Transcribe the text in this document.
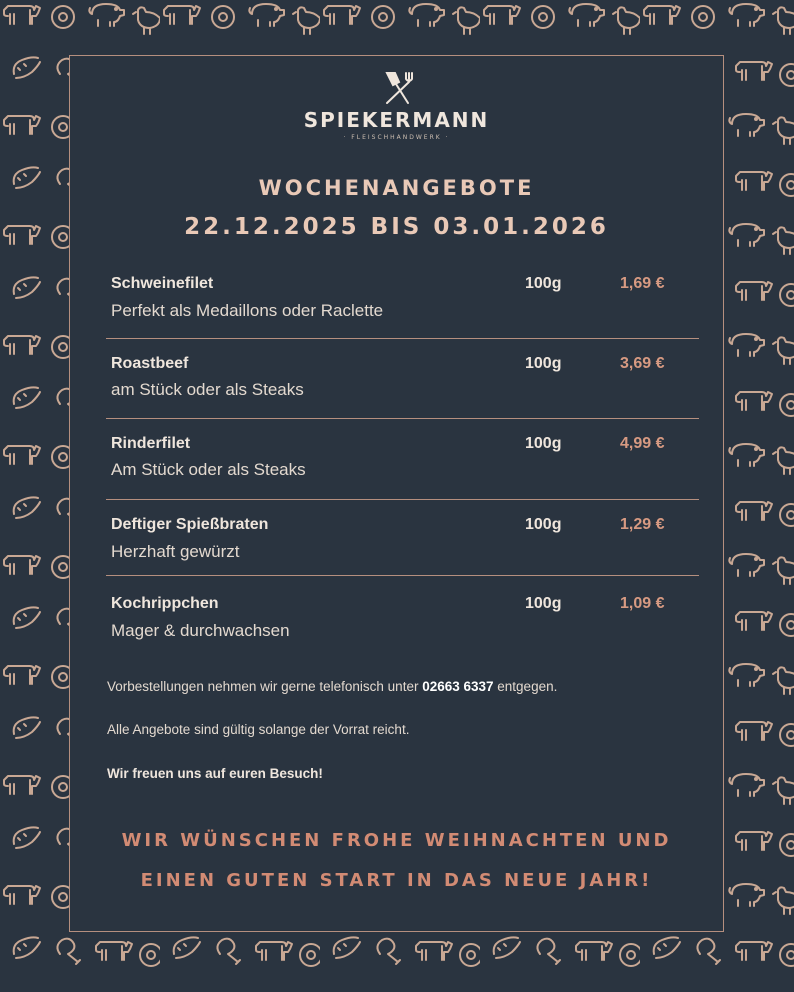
SPIEKERMANN
· FLEISCHHANDWERK ·
WOCHENANGEBOTE
22.12.2025 BIS 03.01.2026
Schweinefilet	100g	1,69 €
Perfekt als Medaillons oder Raclette
Roastbeef	100g	3,69 €
am Stück oder als Steaks
Rinderfilet	100g	4,99 €
Am Stück oder als Steaks
Deftiger Spießbraten	100g	1,29 €
Herzhaft gewürzt
Kochrippchen	100g	1,09 €
Mager & durchwachsen
Vorbestellungen nehmen wir gerne telefonisch unter 02663 6337 entgegen.
Alle Angebote sind gültig solange der Vorrat reicht.
Wir freuen uns auf euren Besuch!
WIR WÜNSCHEN FROHE WEIHNACHTEN UND
EINEN GUTEN START IN DAS NEUE JAHR!
